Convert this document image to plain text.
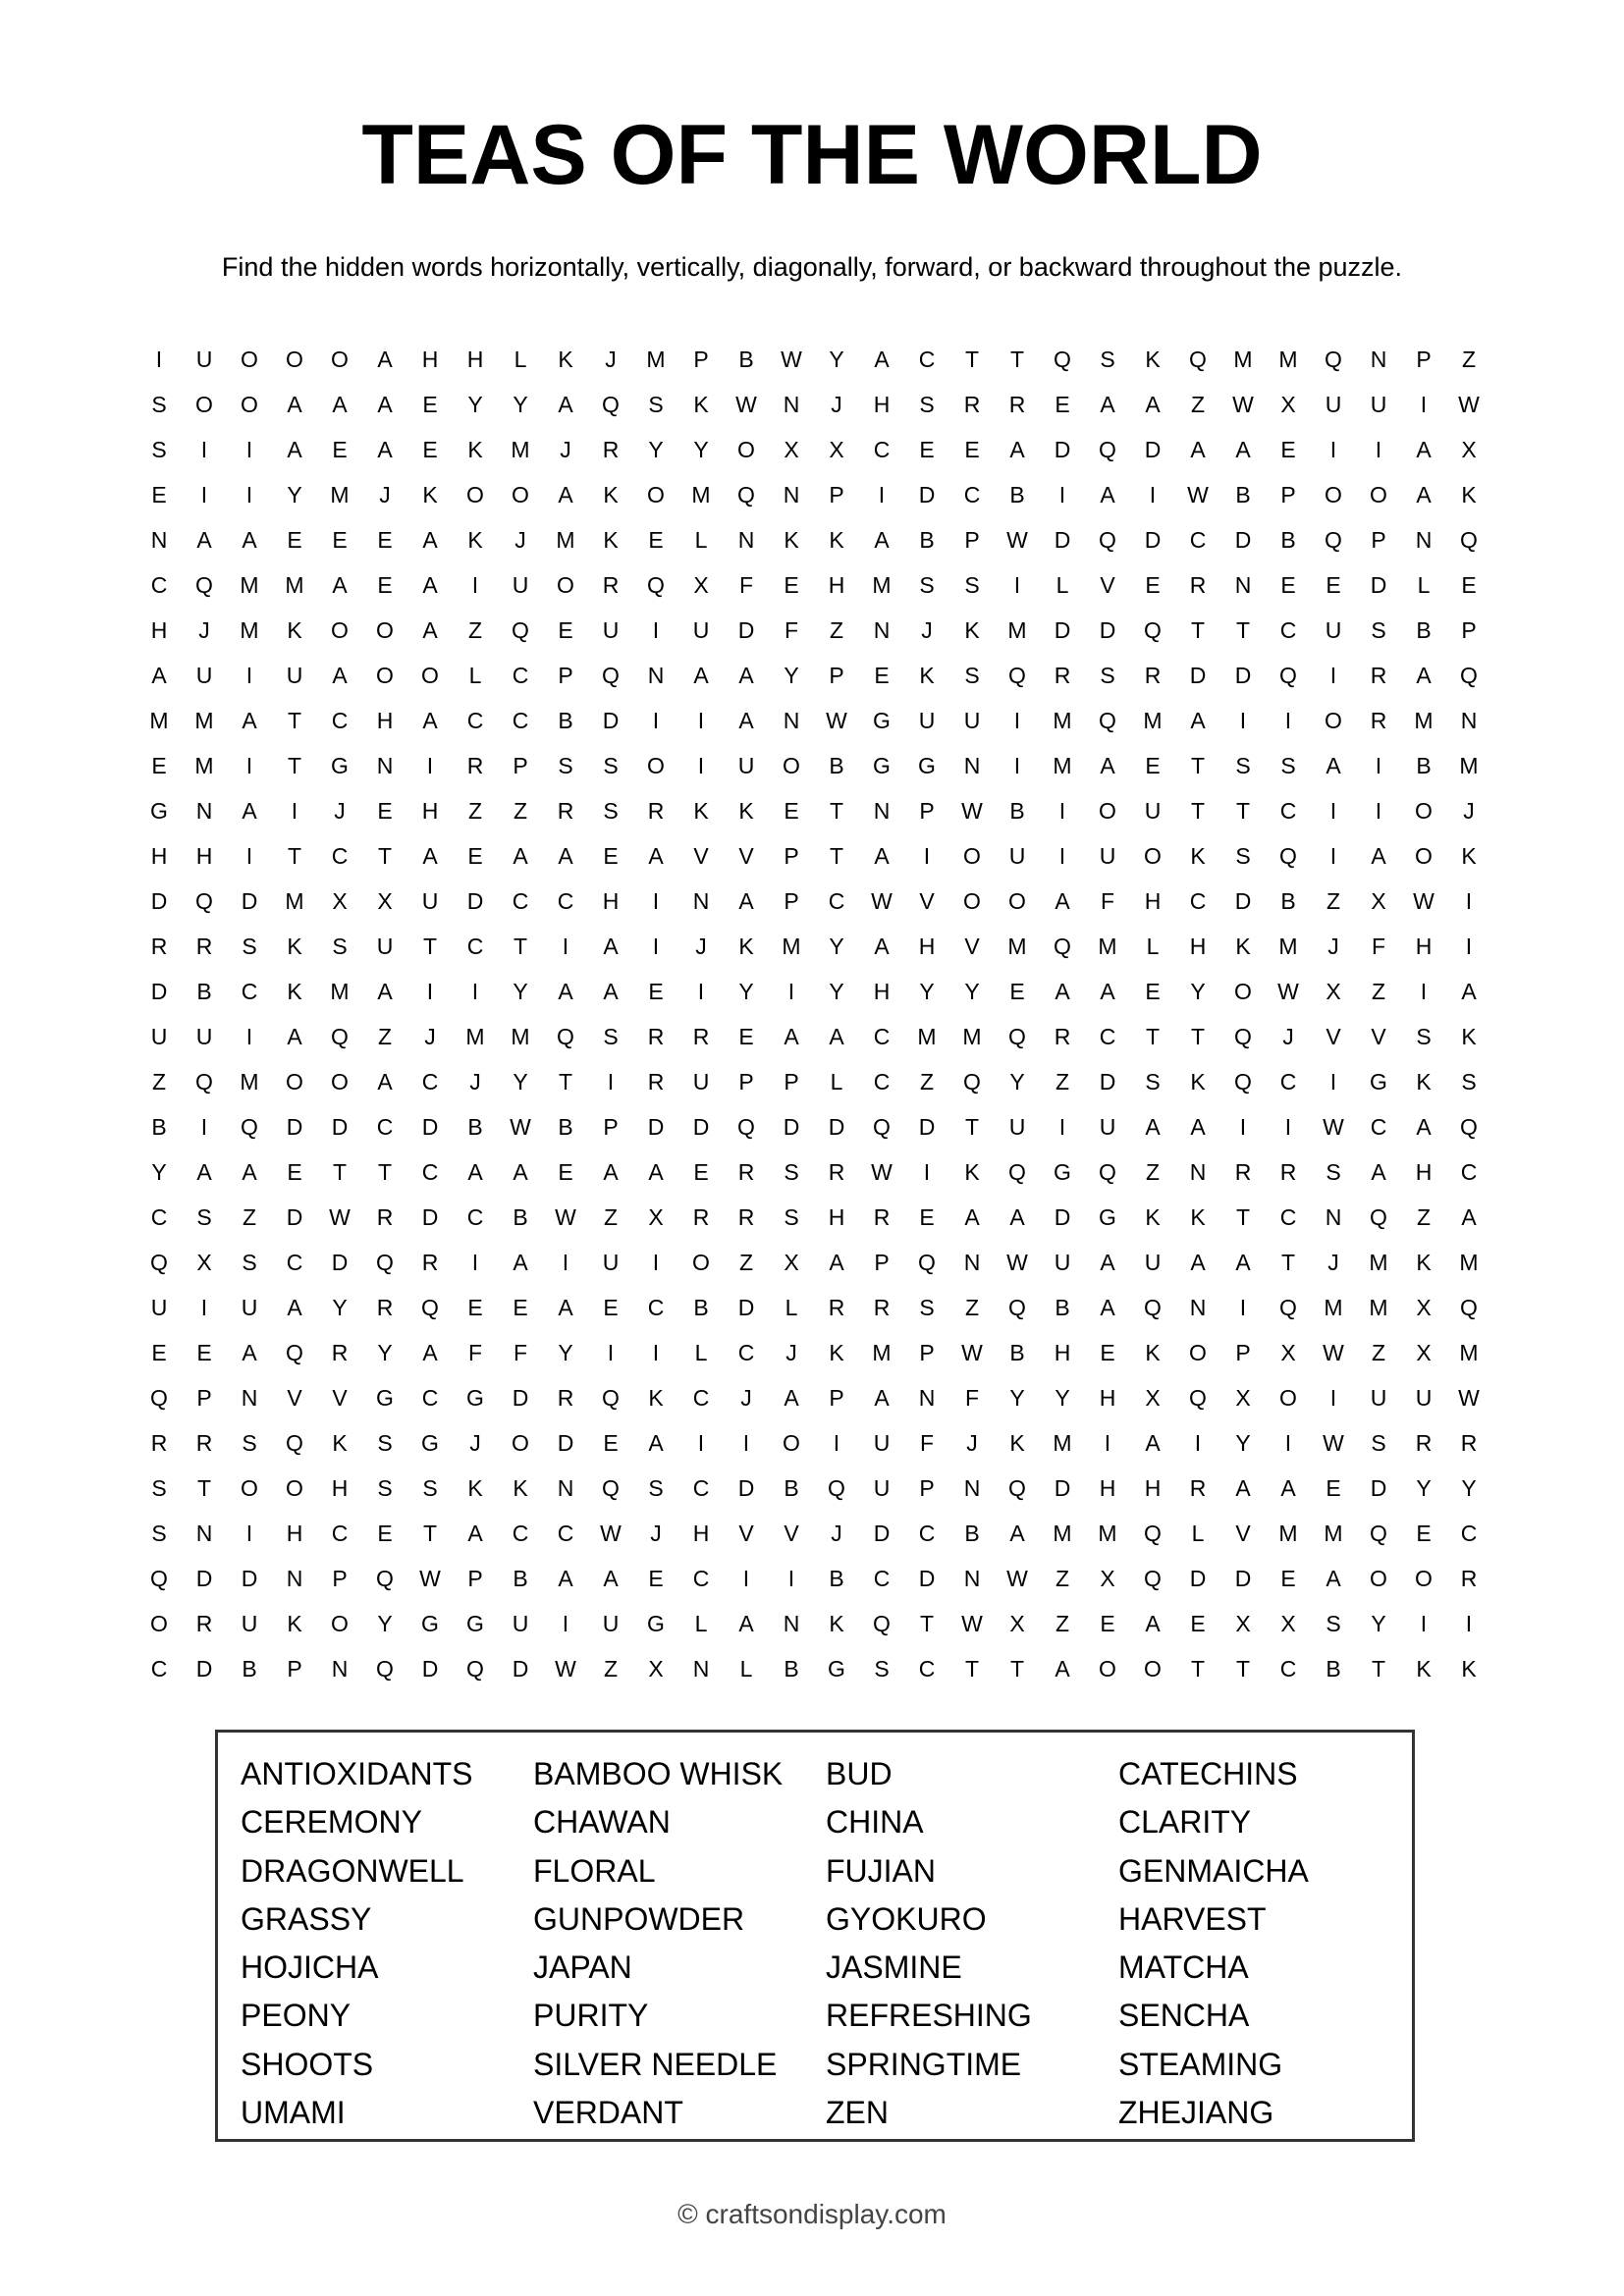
TEAS OF THE WORLD
Find the hidden words horizontally, vertically, diagonally, forward, or backward throughout the puzzle.
I	U	O	O	O	A	H	H	L	K	J	M	P	B	W	Y	A	C	T	T	Q	S	K	Q	M	M	Q	N	P	Z
S	O	O	A	A	A	E	Y	Y	A	Q	S	K	W	N	J	H	S	R	R	E	A	A	Z	W	X	U	U	I	W
S	I	I	A	E	A	E	K	M	J	R	Y	Y	O	X	X	C	E	E	A	D	Q	D	A	A	E	I	I	A	X
E	I	I	Y	M	J	K	O	O	A	K	O	M	Q	N	P	I	D	C	B	I	A	I	W	B	P	O	O	A	K
N	A	A	E	E	E	A	K	J	M	K	E	L	N	K	K	A	B	P	W	D	Q	D	C	D	B	Q	P	N	Q
C	Q	M	M	A	E	A	I	U	O	R	Q	X	F	E	H	M	S	S	I	L	V	E	R	N	E	E	D	L	E
H	J	M	K	O	O	A	Z	Q	E	U	I	U	D	F	Z	N	J	K	M	D	D	Q	T	T	C	U	S	B	P
A	U	I	U	A	O	O	L	C	P	Q	N	A	A	Y	P	E	K	S	Q	R	S	R	D	D	Q	I	R	A	Q
M	M	A	T	C	H	A	C	C	B	D	I	I	A	N	W	G	U	U	I	M	Q	M	A	I	I	O	R	M	N
E	M	I	T	G	N	I	R	P	S	S	O	I	U	O	B	G	G	N	I	M	A	E	T	S	S	A	I	B	M
G	N	A	I	J	E	H	Z	Z	R	S	R	K	K	E	T	N	P	W	B	I	O	U	T	T	C	I	I	O	J
H	H	I	T	C	T	A	E	A	A	E	A	V	V	P	T	A	I	O	U	I	U	O	K	S	Q	I	A	O	K
D	Q	D	M	X	X	U	D	C	C	H	I	N	A	P	C	W	V	O	O	A	F	H	C	D	B	Z	X	W	I
R	R	S	K	S	U	T	C	T	I	A	I	J	K	M	Y	A	H	V	M	Q	M	L	H	K	M	J	F	H	I
D	B	C	K	M	A	I	I	Y	A	A	E	I	Y	I	Y	H	Y	Y	E	A	A	E	Y	O	W	X	Z	I	A
U	U	I	A	Q	Z	J	M	M	Q	S	R	R	E	A	A	C	M	M	Q	R	C	T	T	Q	J	V	V	S	K
Z	Q	M	O	O	A	C	J	Y	T	I	R	U	P	P	L	C	Z	Q	Y	Z	D	S	K	Q	C	I	G	K	S
B	I	Q	D	D	C	D	B	W	B	P	D	D	Q	D	D	Q	D	T	U	I	U	A	A	I	I	W	C	A	Q
Y	A	A	E	T	T	C	A	A	E	A	A	E	R	S	R	W	I	K	Q	G	Q	Z	N	R	R	S	A	H	C
C	S	Z	D	W	R	D	C	B	W	Z	X	R	R	S	H	R	E	A	A	D	G	K	K	T	C	N	Q	Z	A
Q	X	S	C	D	Q	R	I	A	I	U	I	O	Z	X	A	P	Q	N	W	U	A	U	A	A	T	J	M	K	M
U	I	U	A	Y	R	Q	E	E	A	E	C	B	D	L	R	R	S	Z	Q	B	A	Q	N	I	Q	M	M	X	Q
E	E	A	Q	R	Y	A	F	F	Y	I	I	L	C	J	K	M	P	W	B	H	E	K	O	P	X	W	Z	X	M
Q	P	N	V	V	G	C	G	D	R	Q	K	C	J	A	P	A	N	F	Y	Y	H	X	Q	X	O	I	U	U	W
R	R	S	Q	K	S	G	J	O	D	E	A	I	I	O	I	U	F	J	K	M	I	A	I	Y	I	W	S	R	R
S	T	O	O	H	S	S	K	K	N	Q	S	C	D	B	Q	U	P	N	Q	D	H	H	R	A	A	E	D	Y	Y
S	N	I	H	C	E	T	A	C	C	W	J	H	V	V	J	D	C	B	A	M	M	Q	L	V	M	M	Q	E	C
Q	D	D	N	P	Q	W	P	B	A	A	E	C	I	I	B	C	D	N	W	Z	X	Q	D	D	E	A	O	O	R
O	R	U	K	O	Y	G	G	U	I	U	G	L	A	N	K	Q	T	W	X	Z	E	A	E	X	X	S	Y	I	I
C	D	B	P	N	Q	D	Q	D	W	Z	X	N	L	B	G	S	C	T	T	A	O	O	T	T	C	B	T	K	K
ANTIOXIDANTS	BAMBOO WHISK	BUD	CATECHINS
CEREMONY	CHAWAN	CHINA	CLARITY
DRAGONWELL	FLORAL	FUJIAN	GENMAICHA
GRASSY	GUNPOWDER	GYOKURO	HARVEST
HOJICHA	JAPAN	JASMINE	MATCHA
PEONY	PURITY	REFRESHING	SENCHA
SHOOTS	SILVER NEEDLE	SPRINGTIME	STEAMING
UMAMI	VERDANT	ZEN	ZHEJIANG
© craftsondisplay.com
